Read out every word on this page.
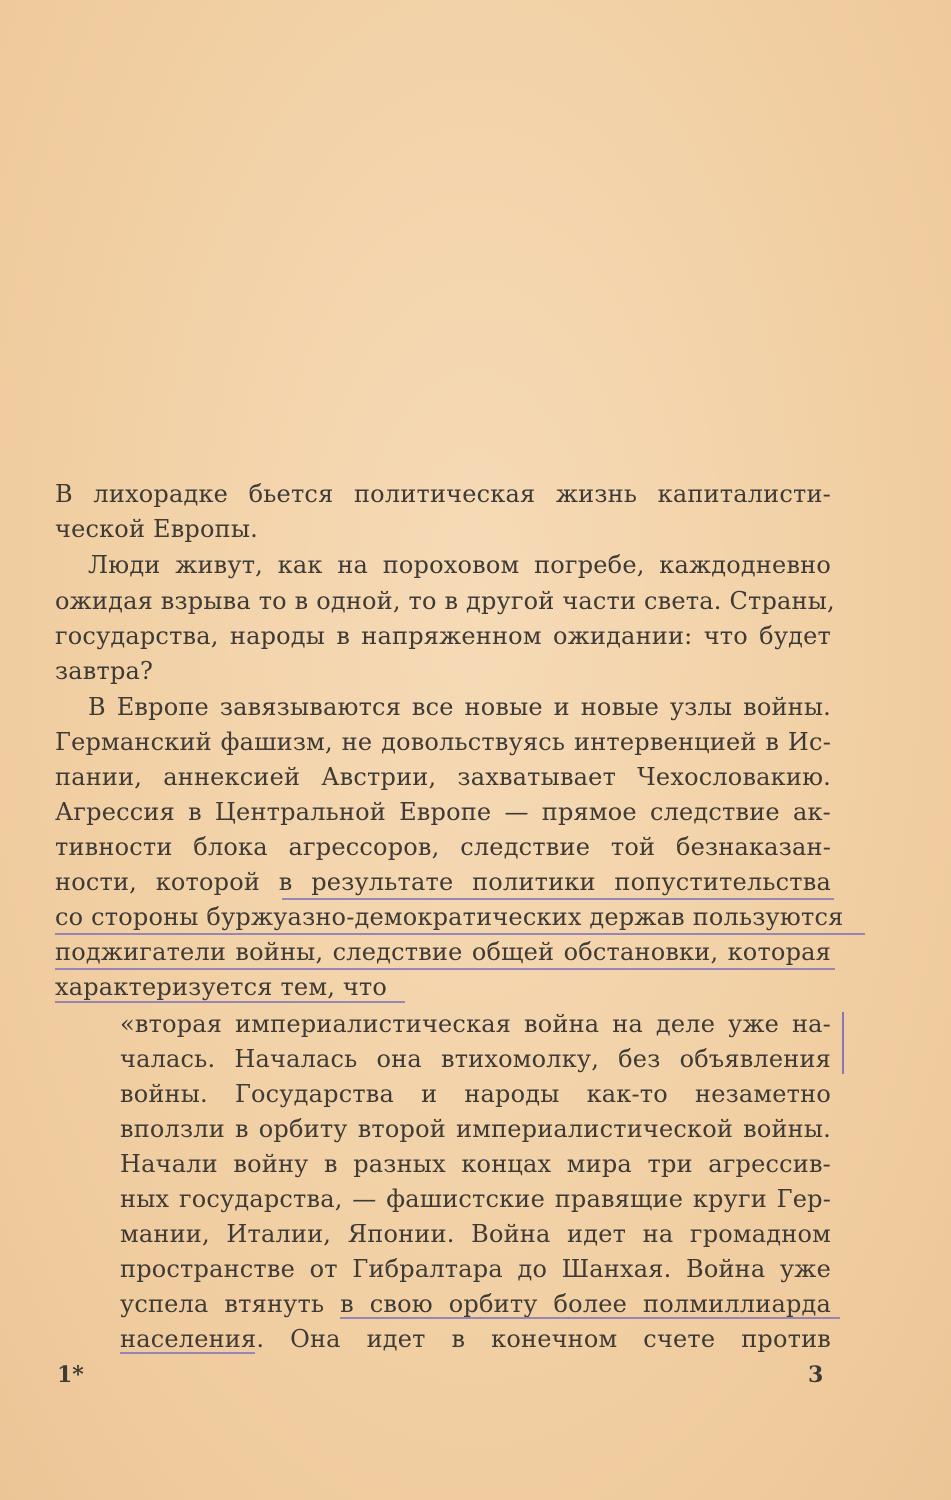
В лихорадке бьется политическая жизнь капиталисти-
ческой Европы.
Люди живут, как на пороховом погребе, каждодневно
ожидая взрыва то в одной, то в другой части света. Страны,
государства, народы в напряженном ожидании: что будет
завтра?
В Европе завязываются все новые и новые узлы войны.
Германский фашизм, не довольствуясь интервенцией в Ис-
пании, аннексией Австрии, захватывает Чехословакию.
Агрессия в Центральной Европе — прямое следствие ак-
тивности блока агрессоров, следствие той безнаказан-
ности, которой в результате политики попустительства
со стороны буржуазно-демократических держав пользуются
поджигатели войны, следствие общей обстановки, которая
характеризуется тем, что
«вторая империалистическая война на деле уже на-
чалась. Началась она втихомолку, без объявления
войны. Государства и народы как-то незаметно
вползли в орбиту второй империалистической войны.
Начали войну в разных концах мира три агрессив-
ных государства, — фашистские правящие круги Гер-
мании, Италии, Японии. Война идет на громадном
пространстве от Гибралтара до Шанхая. Война уже
успела втянуть в свою орбиту более полмиллиарда
населения. Она идет в конечном счете против
1*	3
